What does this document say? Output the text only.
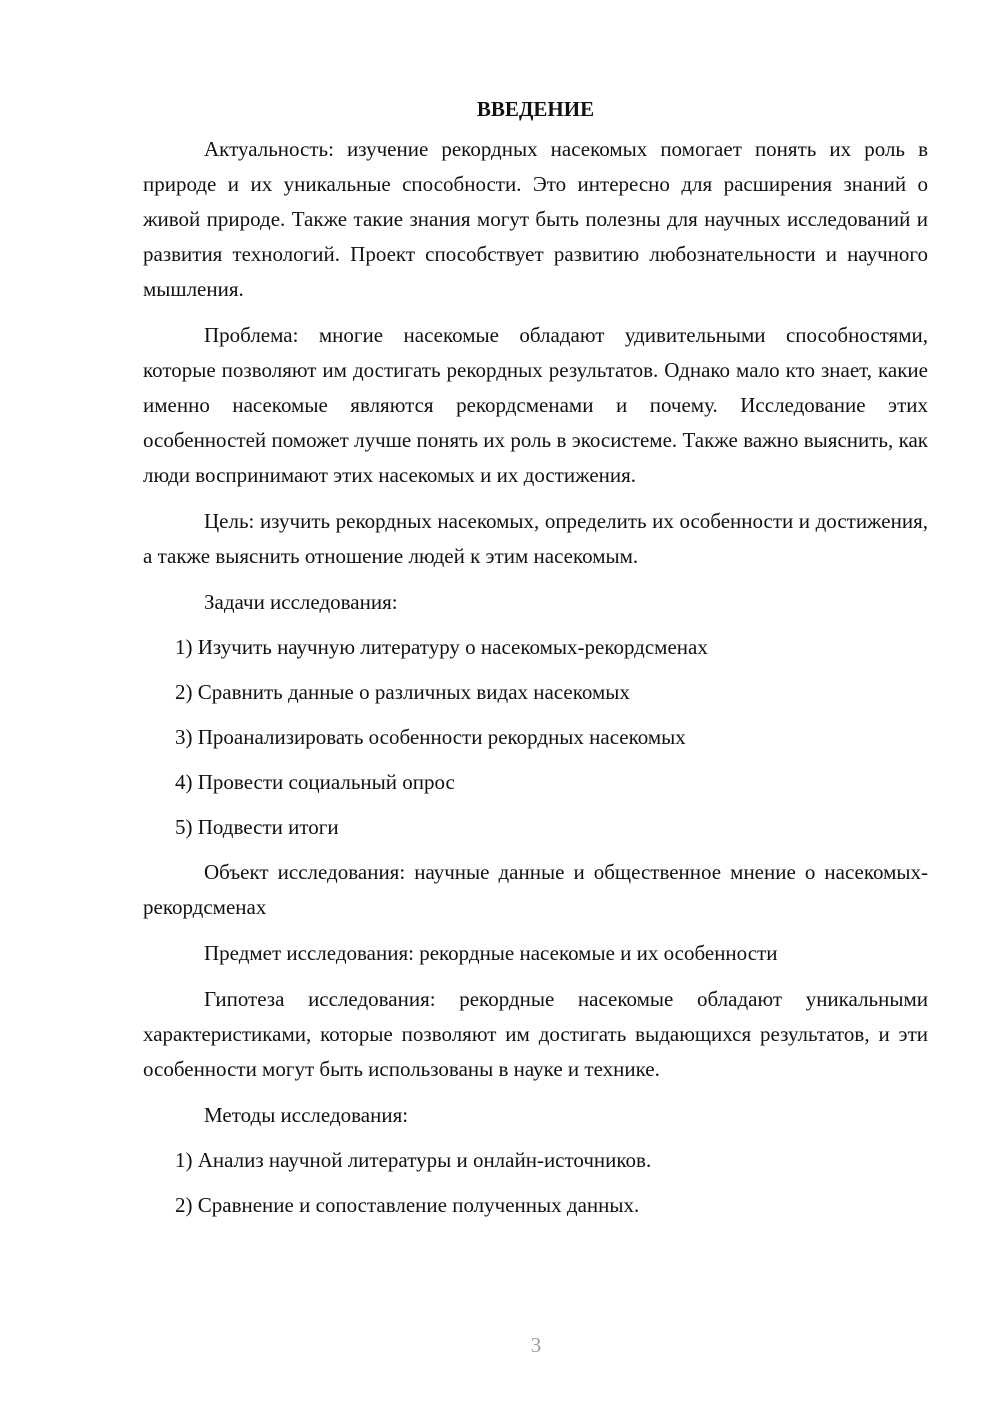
ВВЕДЕНИЕ

Актуальность: изучение рекордных насекомых помогает понять их роль в природе и их уникальные способности. Это интересно для расширения знаний о живой природе. Также такие знания могут быть полезны для научных исследований и развития технологий. Проект способствует развитию любознательности и научного мышления.

Проблема: многие насекомые обладают удивительными способностями, которые позволяют им достигать рекордных результатов. Однако мало кто знает, какие именно насекомые являются рекордсменами и почему. Исследование этих особенностей поможет лучше понять их роль в экосистеме. Также важно выяснить, как люди воспринимают этих насекомых и их достижения.

Цель: изучить рекордных насекомых, определить их особенности и достижения, а также выяснить отношение людей к этим насекомым.

Задачи исследования:

1) Изучить научную литературу о насекомых-рекордсменах

2) Сравнить данные о различных видах насекомых

3) Проанализировать особенности рекордных насекомых

4) Провести социальный опрос

5) Подвести итоги

Объект исследования: научные данные и общественное мнение о насекомых-рекордсменах

Предмет исследования: рекордные насекомые и их особенности

Гипотеза исследования: рекордные насекомые обладают уникальными характеристиками, которые позволяют им достигать выдающихся результатов, и эти особенности могут быть использованы в науке и технике.

Методы исследования:

1) Анализ научной литературы и онлайн-источников.

2) Сравнение и сопоставление полученных данных.

3
